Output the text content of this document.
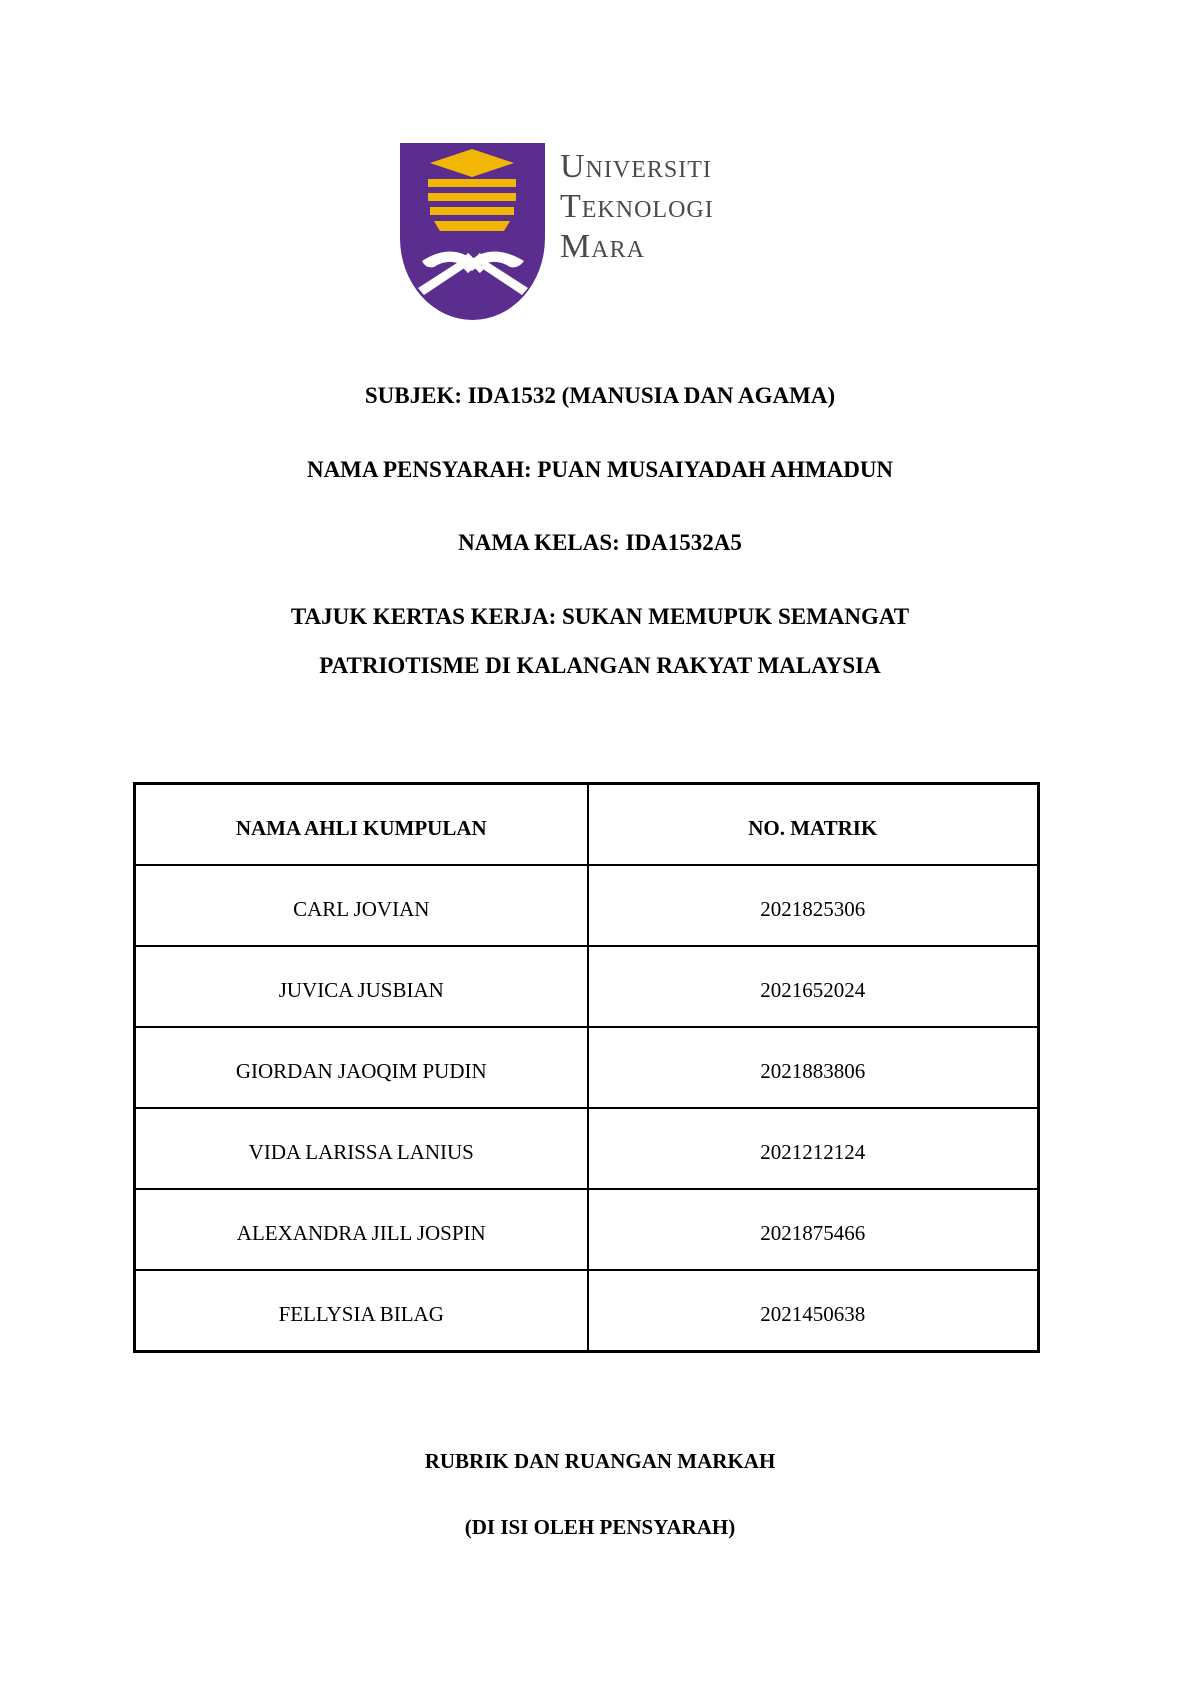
Universiti
Teknologi
Mara

SUBJEK: IDA1532 (MANUSIA DAN AGAMA)

NAMA PENSYARAH: PUAN MUSAIYADAH AHMADUN

NAMA KELAS: IDA1532A5

TAJUK KERTAS KERJA: SUKAN MEMUPUK SEMANGAT

PATRIOTISME DI KALANGAN RAKYAT MALAYSIA

NAMA AHLI KUMPULAN	NO. MATRIK
CARL JOVIAN	2021825306
JUVICA JUSBIAN	2021652024
GIORDAN JAOQIM PUDIN	2021883806
VIDA LARISSA LANIUS	2021212124
ALEXANDRA JILL JOSPIN	2021875466
FELLYSIA BILAG	2021450638

RUBRIK DAN RUANGAN MARKAH

(DI ISI OLEH PENSYARAH)
